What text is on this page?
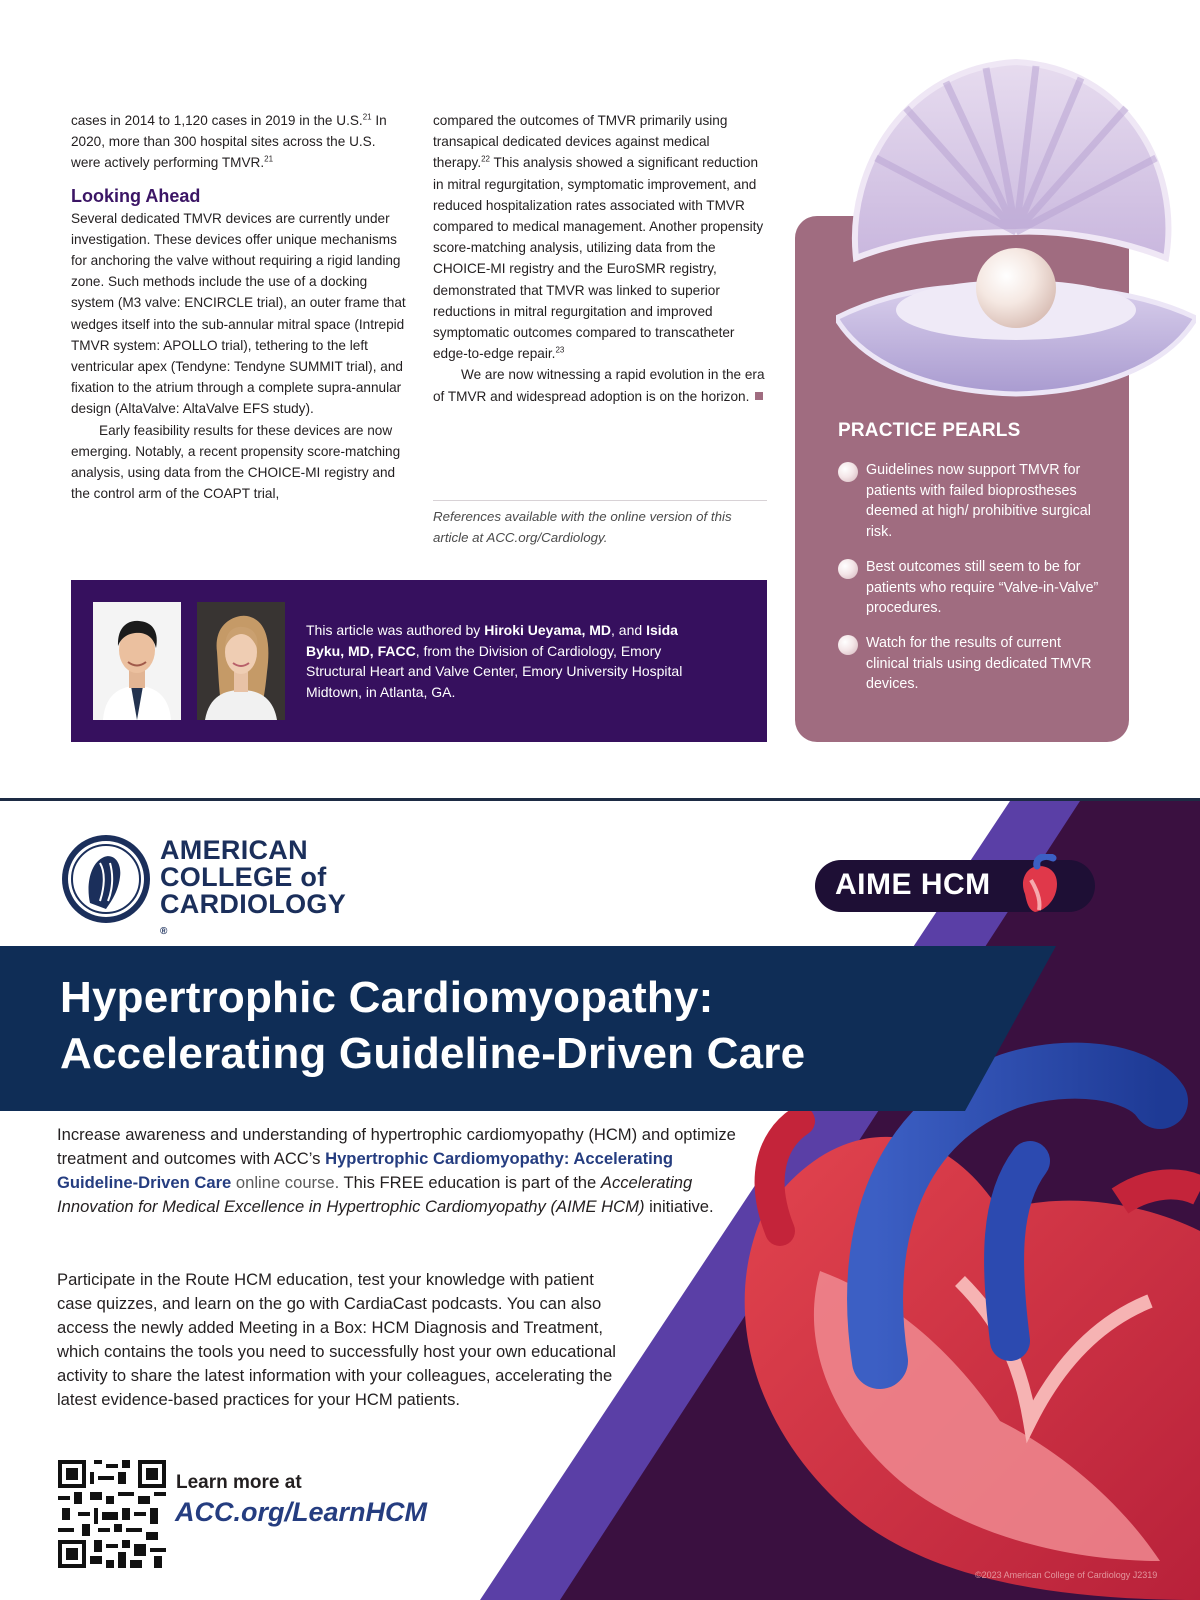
cases in 2014 to 1,120 cases in 2019 in the U.S.$^{21}$ In 2020, more than 300 hospital sites across the U.S. were actively performing TMVR.$^{21}$

Looking Ahead

Several dedicated TMVR devices are currently under investigation. These devices offer unique mechanisms for anchoring the valve without requiring a rigid landing zone. Such methods include the use of a docking system (M3 valve: ENCIRCLE trial), an outer frame that wedges itself into the sub-annular mitral space (Intrepid TMVR system: APOLLO trial), tethering to the left ventricular apex (Tendyne: Tendyne SUMMIT trial), and fixation to the atrium through a complete supra-annular design (AltaValve: AltaValve EFS study).

Early feasibility results for these devices are now emerging. Notably, a recent propensity score-matching analysis, using data from the CHOICE-MI registry and the control arm of the COAPT trial,

compared the outcomes of TMVR primarily using transapical dedicated devices against medical therapy.$^{22}$ This analysis showed a significant reduction in mitral regurgitation, symptomatic improvement, and reduced hospitalization rates associated with TMVR compared to medical management. Another propensity score-matching analysis, utilizing data from the CHOICE-MI registry and the EuroSMR registry, demonstrated that TMVR was linked to superior reductions in mitral regurgitation and improved symptomatic outcomes compared to transcatheter edge-to-edge repair.$^{23}$

We are now witnessing a rapid evolution in the era of TMVR and widespread adoption is on the horizon.

References available with the online version of this article at ACC.org/Cardiology.
This article was authored by Hiroki Ueyama, MD, and Isida Byku, MD, FACC, from the Division of Cardiology, Emory Structural Heart and Valve Center, Emory University Hospital Midtown, in Atlanta, GA.
PRACTICE PEARLS
Guidelines now support TMVR for patients with failed bioprostheses deemed at high/ prohibitive surgical risk.
Best outcomes still seem to be for patients who require “Valve-in-Valve” procedures.
Watch for the results of current clinical trials using dedicated TMVR devices.
AMERICAN
COLLEGE of
CARDIOLOGY
®
AIME HCM
Hypertrophic Cardiomyopathy:
Accelerating Guideline-Driven Care
Increase awareness and understanding of hypertrophic cardiomyopathy (HCM) and optimize treatment and outcomes with ACC’s Hypertrophic Cardiomyopathy: Accelerating Guideline-Driven Care online course. This FREE education is part of the Accelerating Innovation for Medical Excellence in Hypertrophic Cardiomyopathy (AIME HCM) initiative.
Participate in the Route HCM education, test your knowledge with patient case quizzes, and learn on the go with CardiaCast podcasts. You can also access the newly added Meeting in a Box: HCM Diagnosis and Treatment, which contains the tools you need to successfully host your own educational activity to share the latest information with your colleagues, accelerating the latest evidence-based practices for your HCM patients.
Learn more at
ACC.org/LearnHCM
©2023 American College of Cardiology J2319
